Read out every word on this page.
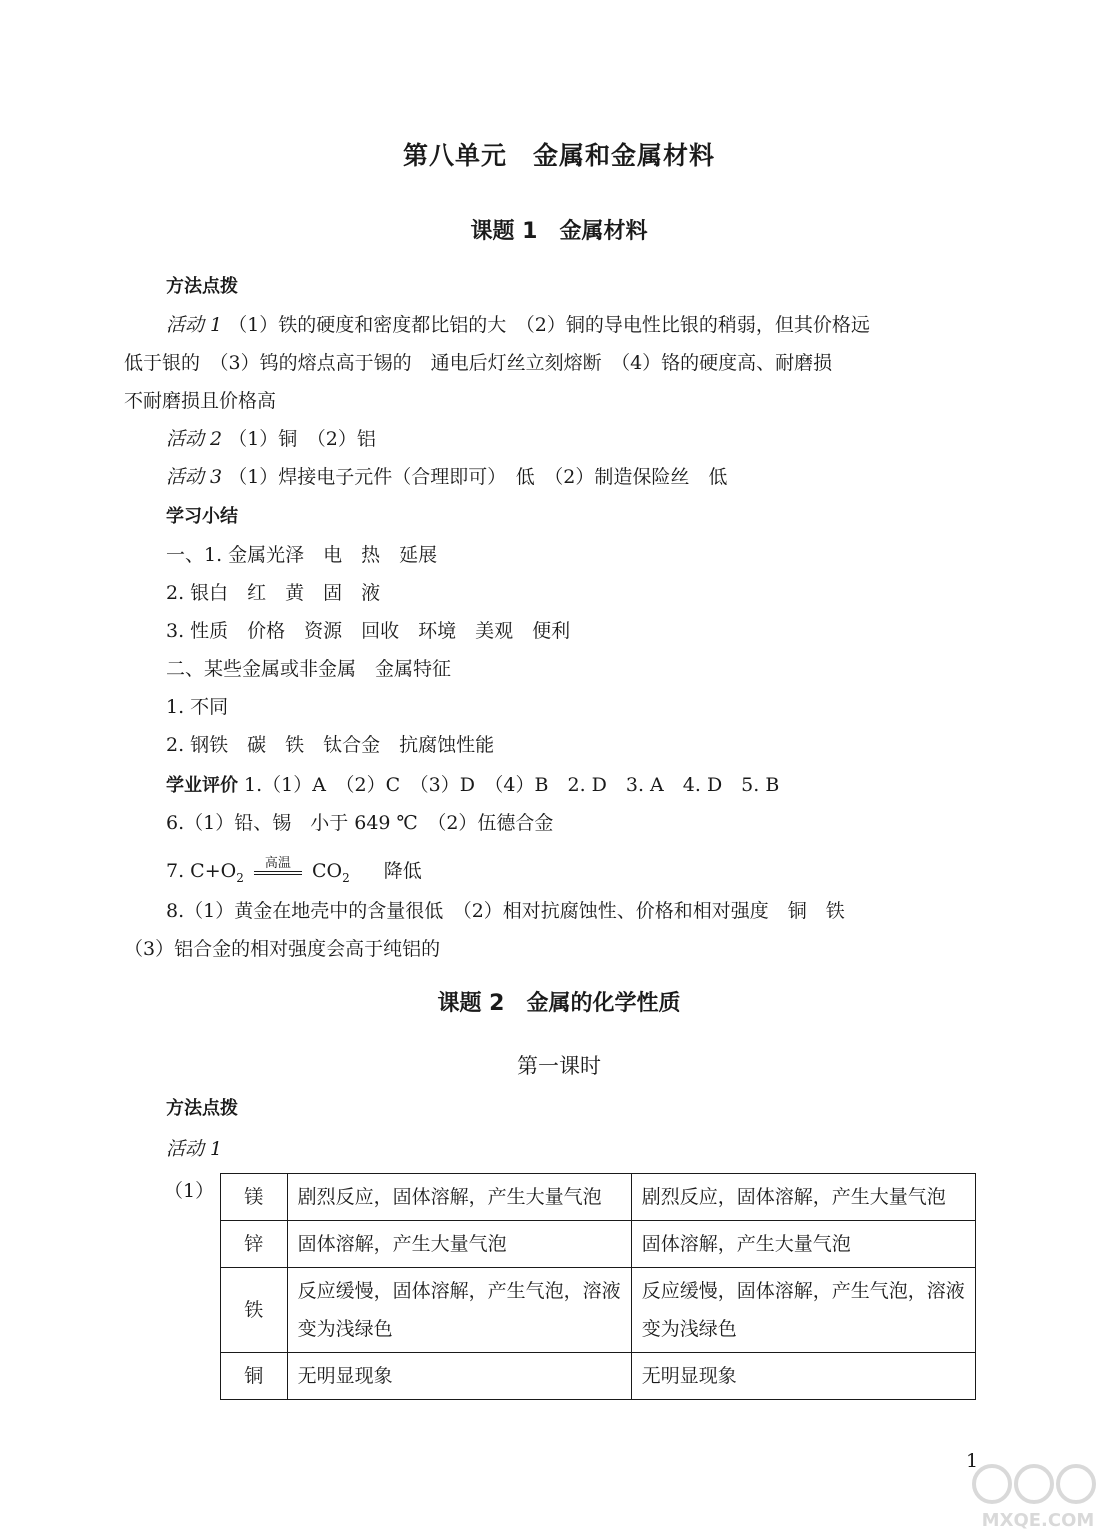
第八单元　金属和金属材料
课题 1　金属材料
方法点拨
活动 1 （1）铁的硬度和密度都比铝的大　（2）铜的导电性比银的稍弱，但其价格远
低于银的　（3）钨的熔点高于锡的　通电后灯丝立刻熔断　（4）铬的硬度高、耐磨损
不耐磨损且价格高
活动 2 （1）铜　（2）铝
活动 3 （1）焊接电子元件（合理即可）　低　（2）制造保险丝　低
学习小结
一、1. 金属光泽　电　热　延展
2. 银白　红　黄　固　液
3. 性质　价格　资源　回收　环境　美观　便利
二、某些金属或非金属　金属特征
1. 不同
2. 钢铁　碳　铁　钛合金　抗腐蚀性能
学业评价 1.（1）A　（2）C　（3）D　（4）B　2. D　3. A　4. D　5. B
6.（1）铅、锡　小于 649 ℃　（2）伍德合金
7. $C+O_2$
高温	$CO_2$ 降低
8.（1）黄金在地壳中的含量很低　（2）相对抗腐蚀性、价格和相对强度　铜　铁
（3）铝合金的相对强度会高于纯铝的
课题 2　金属的化学性质
第一课时
方法点拨
活动 1
（1） 镁	剧烈反应，固体溶解，产生大量气泡	剧烈反应，固体溶解，产生大量气泡
锌	固体溶解，产生大量气泡	固体溶解，产生大量气泡
铁	反应缓慢，固体溶解，产生气泡，溶液变为浅绿色	反应缓慢，固体溶解，产生气泡，溶液变为浅绿色
铜	无明显现象	无明显现象
1
MXQE.COM
